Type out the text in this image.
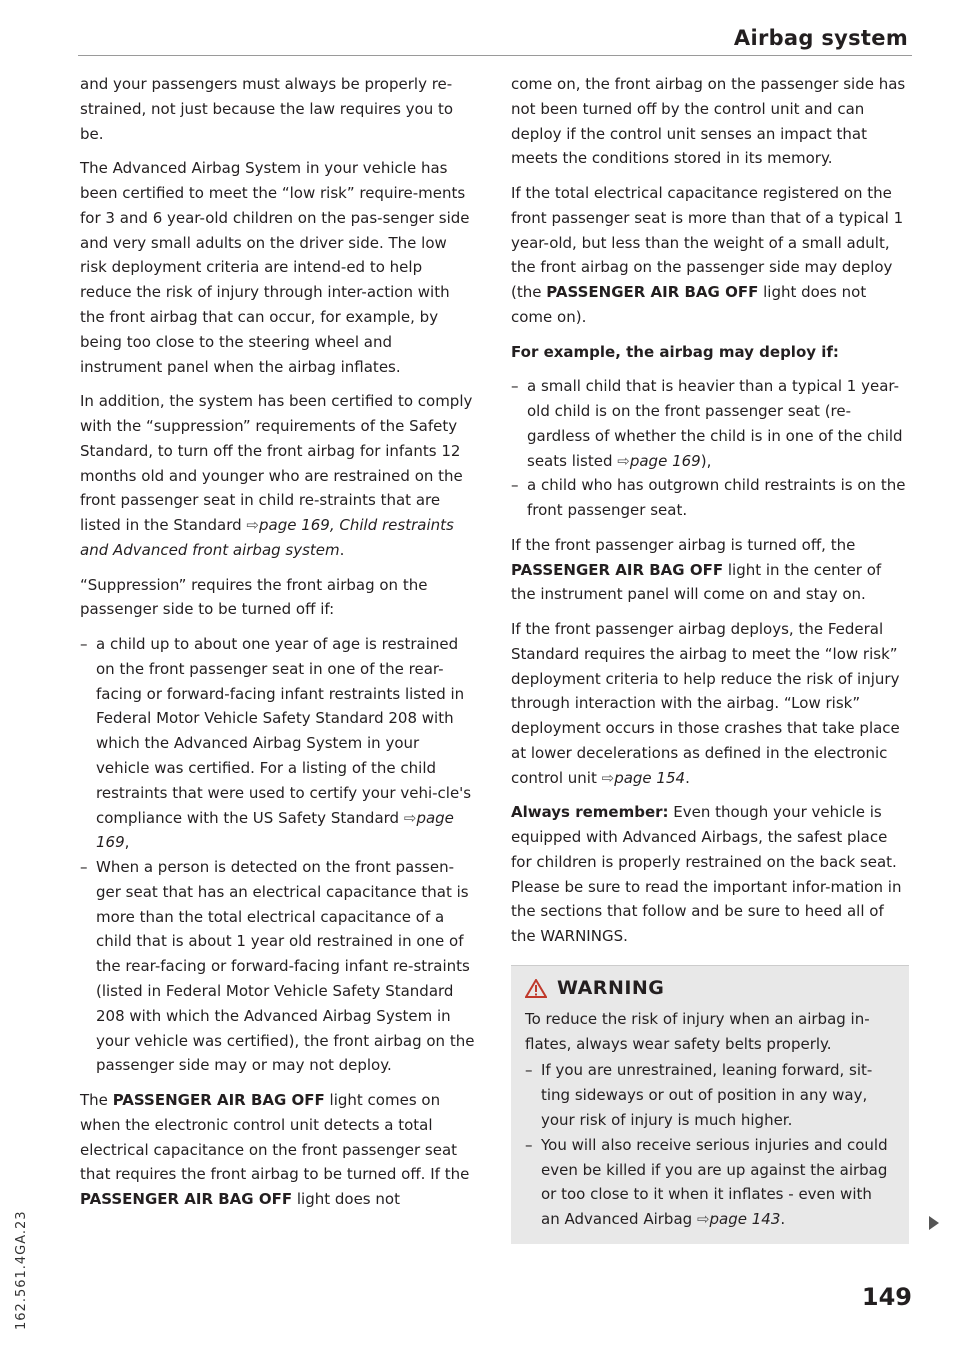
Airbag system

and your passengers must always be properly re-strained, not just because the law requires you to be.

The Advanced Airbag System in your vehicle has been certified to meet the “low risk” require-ments for 3 and 6 year-old children on the pas-senger side and very small adults on the driver side. The low risk deployment criteria are intend-ed to help reduce the risk of injury through inter-action with the front airbag that can occur, for example, by being too close to the steering wheel and instrument panel when the airbag inflates.

In addition, the system has been certified to comply with the “suppression” requirements of the Safety Standard, to turn off the front airbag for infants 12 months old and younger who are restrained on the front passenger seat in child re-straints that are listed in the Standard ⇨page 169, Child restraints and Advanced front airbag system.

“Suppression” requires the front airbag on the passenger side to be turned off if:

– a child up to about one year of age is restrained on the front passenger seat in one of the rear-facing or forward-facing infant restraints listed in Federal Motor Vehicle Safety Standard 208 with which the Advanced Airbag System in your vehicle was certified. For a listing of the child restraints that were used to certify your vehi-cle's compliance with the US Safety Standard ⇨page 169,
– When a person is detected on the front passen-ger seat that has an electrical capacitance that is more than the total electrical capacitance of a child that is about 1 year old restrained in one of the rear-facing or forward-facing infant re-straints (listed in Federal Motor Vehicle Safety Standard 208 with which the Advanced Airbag System in your vehicle was certified), the front airbag on the passenger side may or may not deploy.

The PASSENGER AIR BAG OFF light comes on when the electronic control unit detects a total electrical capacitance on the front passenger seat that requires the front airbag to be turned off. If the PASSENGER AIR BAG OFF light does not

come on, the front airbag on the passenger side has not been turned off by the control unit and can deploy if the control unit senses an impact that meets the conditions stored in its memory.

If the total electrical capacitance registered on the front passenger seat is more than that of a typical 1 year-old, but less than the weight of a small adult, the front airbag on the passenger side may deploy (the PASSENGER AIR BAG OFF light does not come on).

For example, the airbag may deploy if:

– a small child that is heavier than a typical 1 year-old child is on the front passenger seat (re-gardless of whether the child is in one of the child seats listed ⇨page 169),
– a child who has outgrown child restraints is on the front passenger seat.

If the front passenger airbag is turned off, the PASSENGER AIR BAG OFF light in the center of the instrument panel will come on and stay on.

If the front passenger airbag deploys, the Federal Standard requires the airbag to meet the “low risk” deployment criteria to help reduce the risk of injury through interaction with the airbag. “Low risk” deployment occurs in those crashes that take place at lower decelerations as defined in the electronic control unit ⇨page 154.

Always remember: Even though your vehicle is equipped with Advanced Airbags, the safest place for children is properly restrained on the back seat. Please be sure to read the important infor-mation in the sections that follow and be sure to heed all of the WARNINGS.

WARNING

To reduce the risk of injury when an airbag in-flates, always wear safety belts properly.

– If you are unrestrained, leaning forward, sit-ting sideways or out of position in any way, your risk of injury is much higher.
– You will also receive serious injuries and could even be killed if you are up against the airbag or too close to it when it inflates - even with an Advanced Airbag ⇨page 143.
149
162.561.4GA.23
